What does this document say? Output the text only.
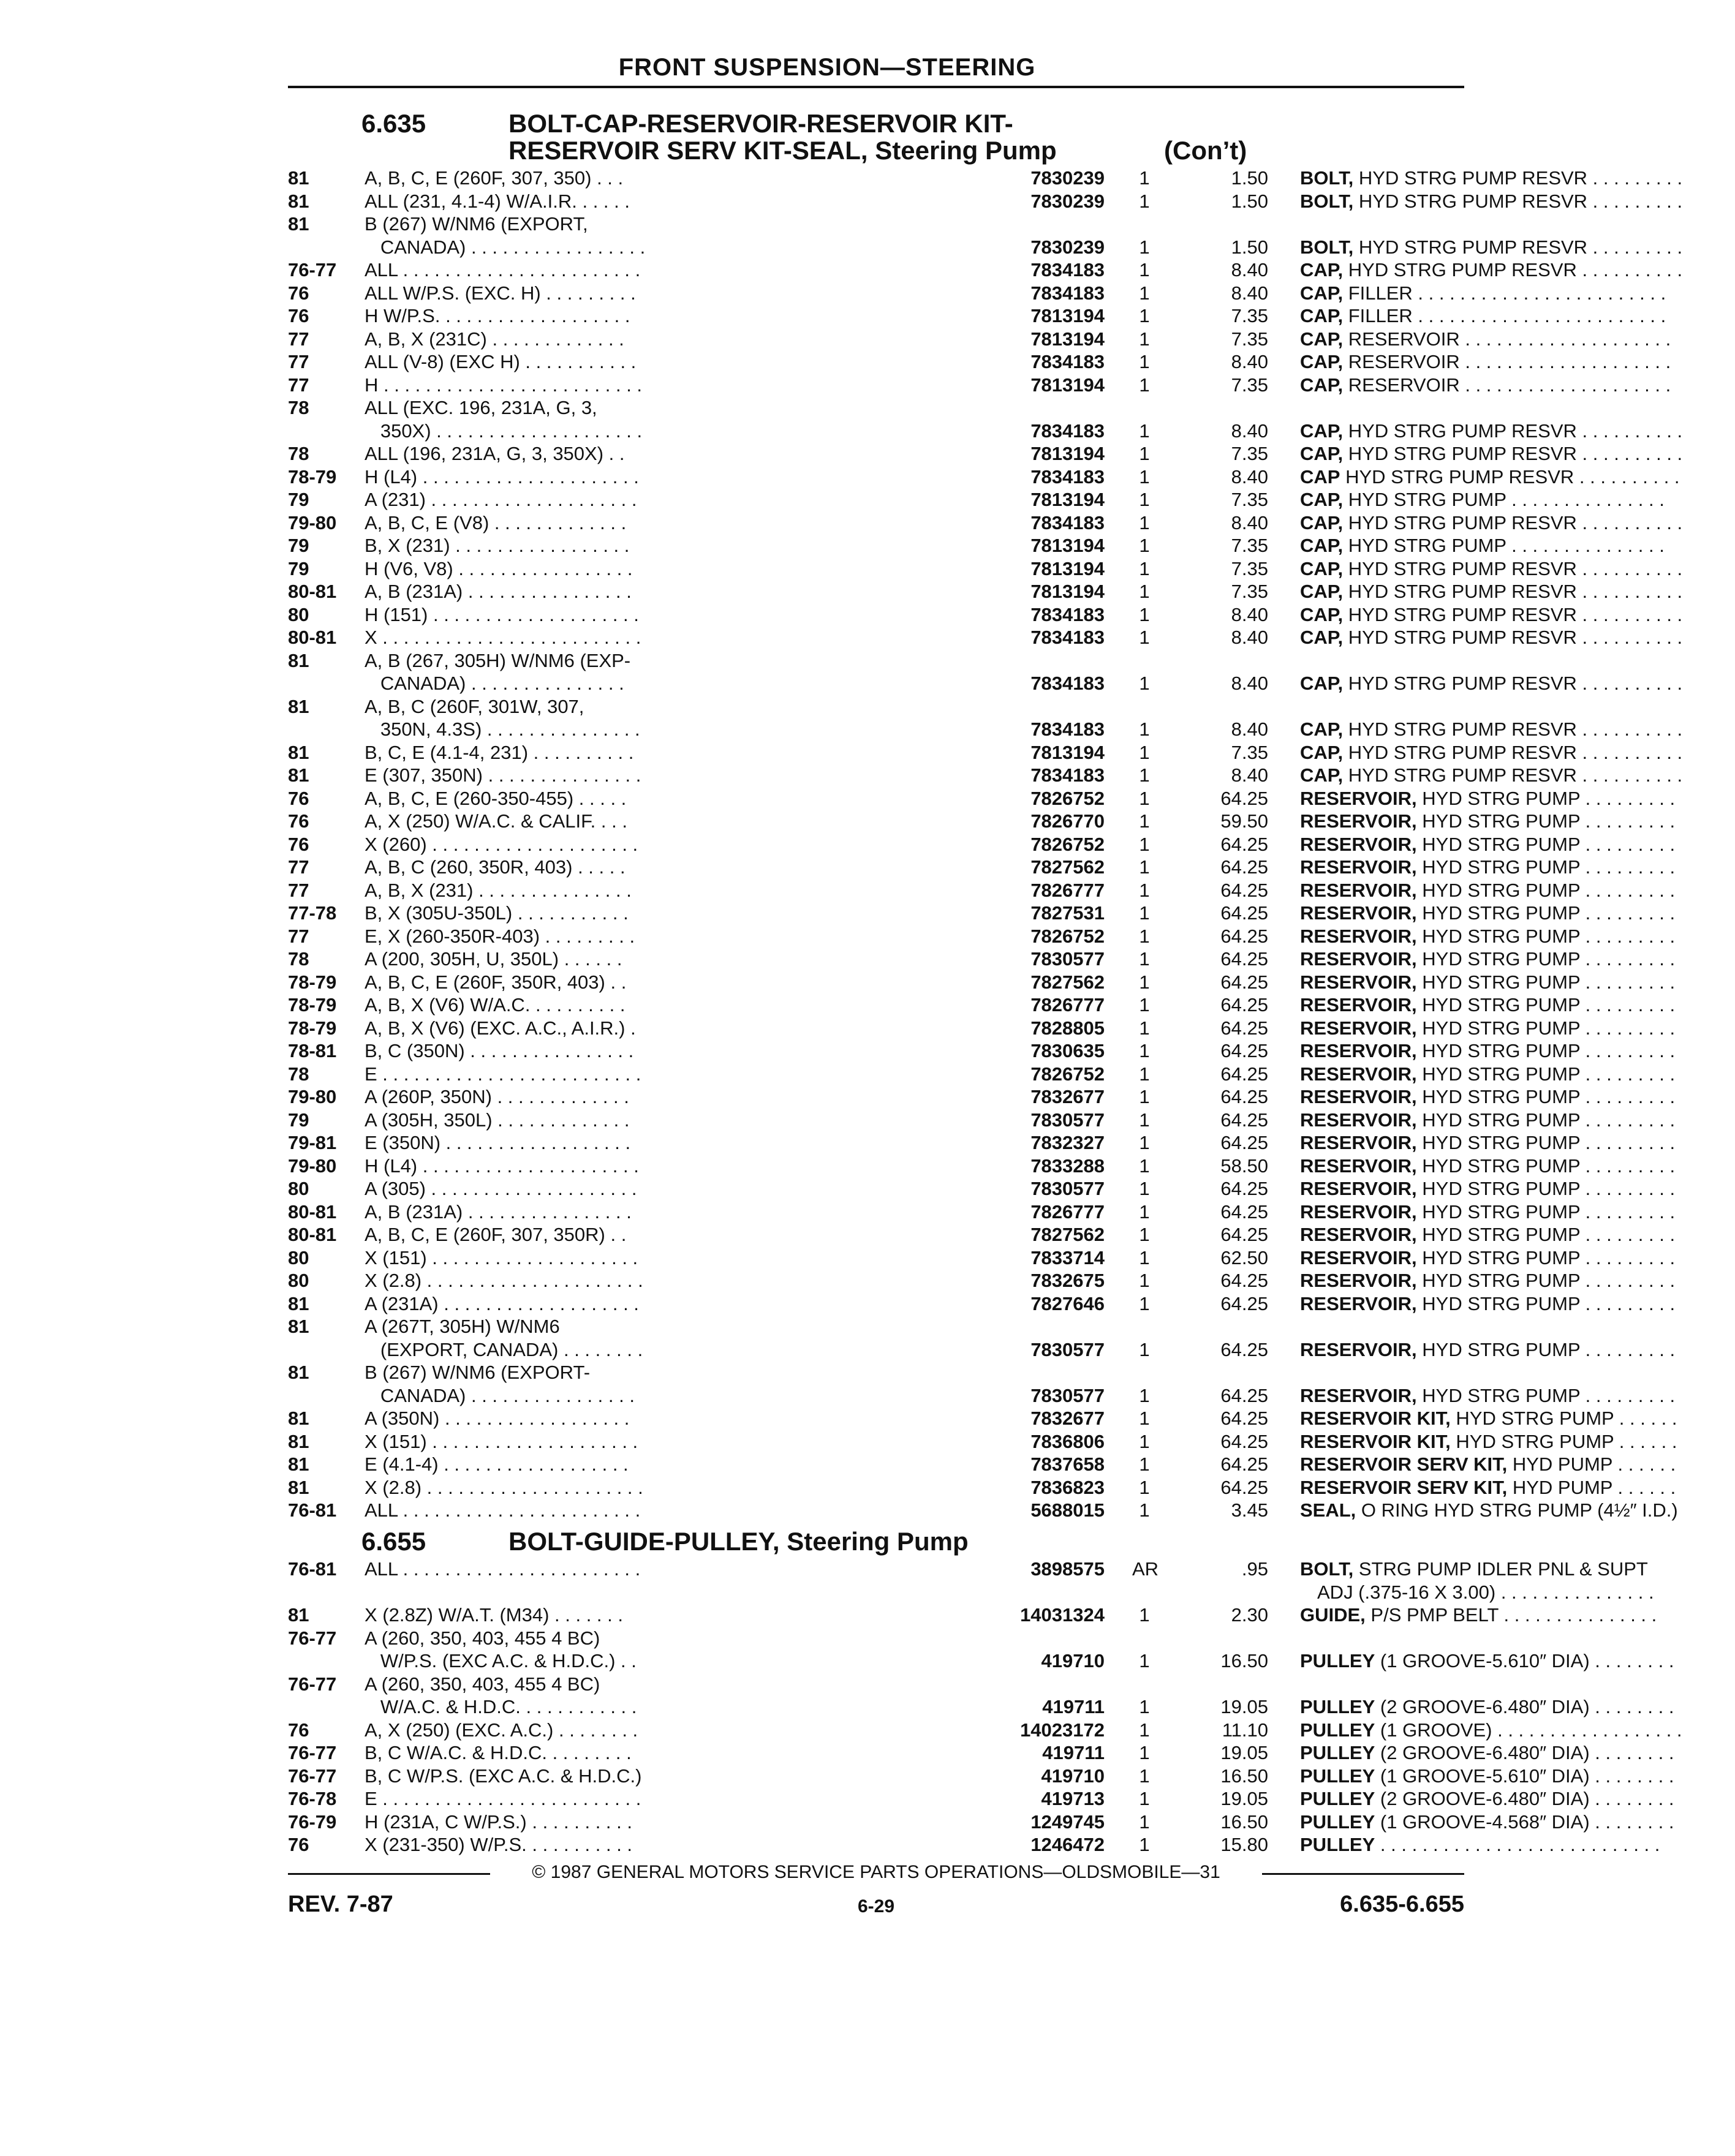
FRONT SUSPENSION—STEERING
6.635	BOLT-CAP-RESERVOIR-RESERVOIR KIT-
RESERVOIR SERV KIT-SEAL, Steering Pump	(Con’t)
81	A, B, C, E (260F, 307, 350) . . .	7830239	1	1.50 BOLT, HYD STRG PUMP RESVR . . . . . . . . .
81	ALL (231, 4.1-4) W/A.I.R. . . . . .	7830239	1	1.50 BOLT, HYD STRG PUMP RESVR . . . . . . . . .
81	B (267) W/NM6 (EXPORT,
CANADA) . . . . . . . . . . . . . . . . .	7830239	1	1.50 BOLT, HYD STRG PUMP RESVR . . . . . . . . .
76-77 ALL . . . . . . . . . . . . . . . . . . . . . . .	7834183	1	8.40 CAP, HYD STRG PUMP RESVR . . . . . . . . . .
76	ALL W/P.S. (EXC. H) . . . . . . . . .	7834183	1	8.40 CAP, FILLER . . . . . . . . . . . . . . . . . . . . . . . .
76	H W/P.S. . . . . . . . . . . . . . . . . . .	7813194	1	7.35 CAP, FILLER . . . . . . . . . . . . . . . . . . . . . . . .
77	A, B, X (231C) . . . . . . . . . . . . .	7813194	1	7.35 CAP, RESERVOIR . . . . . . . . . . . . . . . . . . . .
77	ALL (V-8) (EXC H) . . . . . . . . . . .	7834183	1	8.40 CAP, RESERVOIR . . . . . . . . . . . . . . . . . . . .
77	H . . . . . . . . . . . . . . . . . . . . . . . . .	7813194	1	7.35 CAP, RESERVOIR . . . . . . . . . . . . . . . . . . . .
78	ALL (EXC. 196, 231A, G, 3,
350X) . . . . . . . . . . . . . . . . . . . .	7834183	1	8.40 CAP, HYD STRG PUMP RESVR . . . . . . . . . .
78	ALL (196, 231A, G, 3, 350X) . .	7813194	1	7.35 CAP, HYD STRG PUMP RESVR . . . . . . . . . .
78-79 H (L4) . . . . . . . . . . . . . . . . . . . . .	7834183	1	8.40 CAP HYD STRG PUMP RESVR . . . . . . . . . .
79	A (231) . . . . . . . . . . . . . . . . . . . .	7813194	1	7.35 CAP, HYD STRG PUMP . . . . . . . . . . . . . . .
79-80 A, B, C, E (V8) . . . . . . . . . . . . .	7834183	1	8.40 CAP, HYD STRG PUMP RESVR . . . . . . . . . .
79	B, X (231) . . . . . . . . . . . . . . . . .	7813194	1	7.35 CAP, HYD STRG PUMP . . . . . . . . . . . . . . .
79	H (V6, V8) . . . . . . . . . . . . . . . . .	7813194	1	7.35 CAP, HYD STRG PUMP RESVR . . . . . . . . . .
80-81 A, B (231A) . . . . . . . . . . . . . . . .	7813194	1	7.35 CAP, HYD STRG PUMP RESVR . . . . . . . . . .
80	H (151) . . . . . . . . . . . . . . . . . . . .	7834183	1	8.40 CAP, HYD STRG PUMP RESVR . . . . . . . . . .
80-81 X . . . . . . . . . . . . . . . . . . . . . . . . .	7834183	1	8.40 CAP, HYD STRG PUMP RESVR . . . . . . . . . .
81	A, B (267, 305H) W/NM6 (EXP-
CANADA) . . . . . . . . . . . . . . .	7834183	1	8.40 CAP, HYD STRG PUMP RESVR . . . . . . . . . .
81	A, B, C (260F, 301W, 307,
350N, 4.3S) . . . . . . . . . . . . . . .	7834183	1	8.40 CAP, HYD STRG PUMP RESVR . . . . . . . . . .
81	B, C, E (4.1-4, 231) . . . . . . . . . .	7813194	1	7.35 CAP, HYD STRG PUMP RESVR . . . . . . . . . .
81	E (307, 350N) . . . . . . . . . . . . . . .	7834183	1	8.40 CAP, HYD STRG PUMP RESVR . . . . . . . . . .
76	A, B, C, E (260-350-455) . . . . .	7826752	1	64.25 RESERVOIR, HYD STRG PUMP . . . . . . . . .
76	A, X (250) W/A.C. & CALIF. . . .	7826770	1	59.50 RESERVOIR, HYD STRG PUMP . . . . . . . . .
76	X (260) . . . . . . . . . . . . . . . . . . . .	7826752	1	64.25 RESERVOIR, HYD STRG PUMP . . . . . . . . .
77	A, B, C (260, 350R, 403) . . . . .	7827562	1	64.25 RESERVOIR, HYD STRG PUMP . . . . . . . . .
77	A, B, X (231) . . . . . . . . . . . . . . .	7826777	1	64.25 RESERVOIR, HYD STRG PUMP . . . . . . . . .
77-78 B, X (305U-350L) . . . . . . . . . . .	7827531	1	64.25 RESERVOIR, HYD STRG PUMP . . . . . . . . .
77	E, X (260-350R-403) . . . . . . . . .	7826752	1	64.25 RESERVOIR, HYD STRG PUMP . . . . . . . . .
78	A (200, 305H, U, 350L) . . . . . .	7830577	1	64.25 RESERVOIR, HYD STRG PUMP . . . . . . . . .
78-79 A, B, C, E (260F, 350R, 403) . .	7827562	1	64.25 RESERVOIR, HYD STRG PUMP . . . . . . . . .
78-79 A, B, X (V6) W/A.C. . . . . . . . . .	7826777	1	64.25 RESERVOIR, HYD STRG PUMP . . . . . . . . .
78-79 A, B, X (V6) (EXC. A.C., A.I.R.) .	7828805	1	64.25 RESERVOIR, HYD STRG PUMP . . . . . . . . .
78-81 B, C (350N) . . . . . . . . . . . . . . . .	7830635	1	64.25 RESERVOIR, HYD STRG PUMP . . . . . . . . .
78	E . . . . . . . . . . . . . . . . . . . . . . . . .	7826752	1	64.25 RESERVOIR, HYD STRG PUMP . . . . . . . . .
79-80 A (260P, 350N) . . . . . . . . . . . . .	7832677	1	64.25 RESERVOIR, HYD STRG PUMP . . . . . . . . .
79	A (305H, 350L) . . . . . . . . . . . . .	7830577	1	64.25 RESERVOIR, HYD STRG PUMP . . . . . . . . .
79-81 E (350N) . . . . . . . . . . . . . . . . . .	7832327	1	64.25 RESERVOIR, HYD STRG PUMP . . . . . . . . .
79-80 H (L4) . . . . . . . . . . . . . . . . . . . . .	7833288	1	58.50 RESERVOIR, HYD STRG PUMP . . . . . . . . .
80	A (305) . . . . . . . . . . . . . . . . . . . .	7830577	1	64.25 RESERVOIR, HYD STRG PUMP . . . . . . . . .
80-81 A, B (231A) . . . . . . . . . . . . . . . .	7826777	1	64.25 RESERVOIR, HYD STRG PUMP . . . . . . . . .
80-81 A, B, C, E (260F, 307, 350R) . .	7827562	1	64.25 RESERVOIR, HYD STRG PUMP . . . . . . . . .
80	X (151) . . . . . . . . . . . . . . . . . . . .	7833714	1	62.50 RESERVOIR, HYD STRG PUMP . . . . . . . . .
80	X (2.8) . . . . . . . . . . . . . . . . . . . . .	7832675	1	64.25 RESERVOIR, HYD STRG PUMP . . . . . . . . .
81	A (231A) . . . . . . . . . . . . . . . . . . .	7827646	1	64.25 RESERVOIR, HYD STRG PUMP . . . . . . . . .
81	A (267T, 305H) W/NM6
(EXPORT, CANADA) . . . . . . . .	7830577	1	64.25 RESERVOIR, HYD STRG PUMP . . . . . . . . .
81	B (267) W/NM6 (EXPORT-
CANADA) . . . . . . . . . . . . . . . .	7830577	1	64.25 RESERVOIR, HYD STRG PUMP . . . . . . . . .
81	A (350N) . . . . . . . . . . . . . . . . . .	7832677	1	64.25 RESERVOIR KIT, HYD STRG PUMP . . . . . .
81	X (151) . . . . . . . . . . . . . . . . . . . .	7836806	1	64.25 RESERVOIR KIT, HYD STRG PUMP . . . . . .
81	E (4.1-4) . . . . . . . . . . . . . . . . . .	7837658	1	64.25 RESERVOIR SERV KIT, HYD PUMP . . . . . .
81	X (2.8) . . . . . . . . . . . . . . . . . . . . .	7836823	1	64.25 RESERVOIR SERV KIT, HYD PUMP . . . . . .
76-81 ALL . . . . . . . . . . . . . . . . . . . . . . .	5688015	1	3.45 SEAL, O RING HYD STRG PUMP (4½″ I.D.)
6.655	BOLT-GUIDE-PULLEY, Steering Pump
76-81 ALL . . . . . . . . . . . . . . . . . . . . . . .	3898575 AR	.95 BOLT, STRG PUMP IDLER PNL & SUPT
ADJ (.375-16 X 3.00) . . . . . . . . . . . . . . .
81	X (2.8Z) W/A.T. (M34) . . . . . . .	14031324	1	2.30 GUIDE, P/S PMP BELT . . . . . . . . . . . . . . .
76-77 A (260, 350, 403, 455 4 BC)
W/P.S. (EXC A.C. & H.D.C.) . .	419710	1	16.50 PULLEY (1 GROOVE-5.610″ DIA) . . . . . . . .
76-77 A (260, 350, 403, 455 4 BC)
W/A.C. & H.D.C. . . . . . . . . . . .	419711	1	19.05 PULLEY (2 GROOVE-6.480″ DIA) . . . . . . . .
76	A, X (250) (EXC. A.C.) . . . . . . . .	14023172	1	11.10 PULLEY (1 GROOVE) . . . . . . . . . . . . . . . . . .
76-77 B, C W/A.C. & H.D.C. . . . . . . . .	419711	1	19.05 PULLEY (2 GROOVE-6.480″ DIA) . . . . . . . .
76-77 B, C W/P.S. (EXC A.C. & H.D.C.)	419710	1	16.50 PULLEY (1 GROOVE-5.610″ DIA) . . . . . . . .
76-78 E . . . . . . . . . . . . . . . . . . . . . . . . .	419713	1	19.05 PULLEY (2 GROOVE-6.480″ DIA) . . . . . . . .
76-79 H (231A, C W/P.S.) . . . . . . . . . .	1249745	1	16.50 PULLEY (1 GROOVE-4.568″ DIA) . . . . . . . .
76	X (231-350) W/P.S. . . . . . . . . . .	1246472	1	15.80 PULLEY . . . . . . . . . . . . . . . . . . . . . . . . . . .
© 1987 GENERAL MOTORS SERVICE PARTS OPERATIONS—OLDSMOBILE—31
REV. 7-87	6-29	6.635-6.655
